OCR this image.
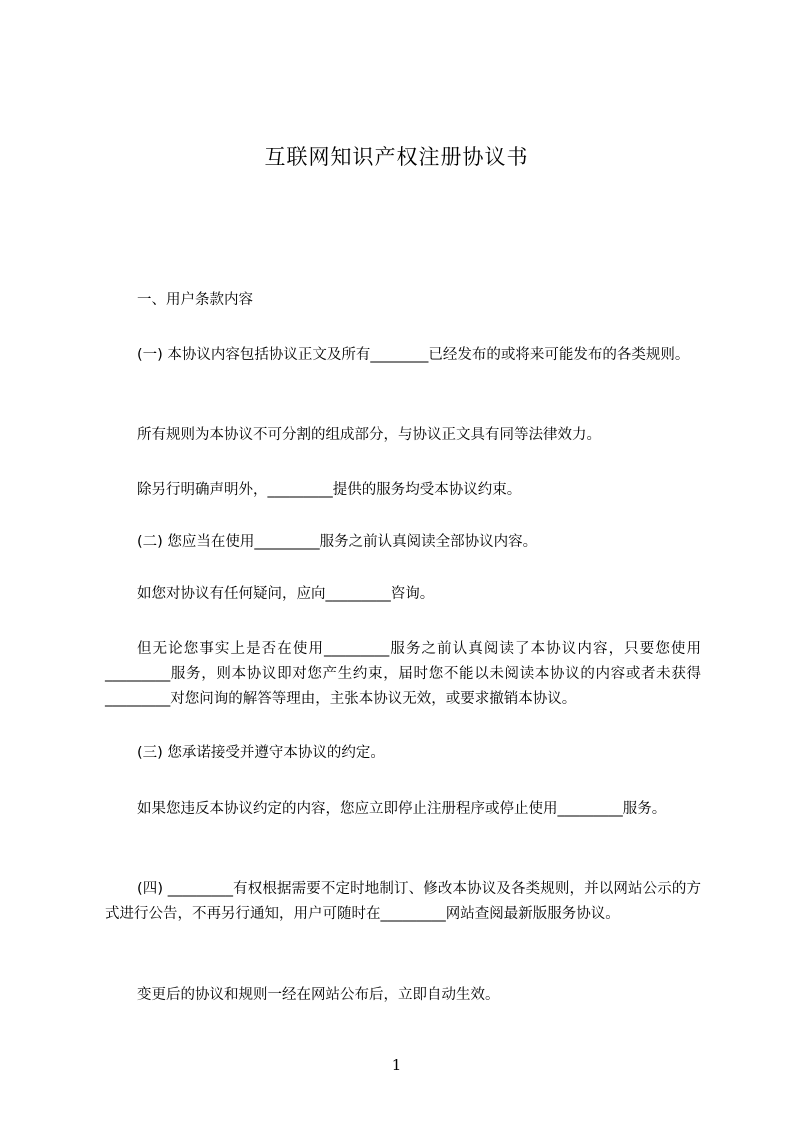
互联网知识产权注册协议书
一、用户条款内容
(一) 本协议内容包括协议正文及所有________已经发布的或将来可能发布的各类规则。
所有规则为本协议不可分割的组成部分，与协议正文具有同等法律效力。
除另行明确声明外，_________提供的服务均受本协议约束。
(二) 您应当在使用_________服务之前认真阅读全部协议内容。
如您对协议有任何疑问，应向_________咨询。
但无论您事实上是否在使用_________服务之前认真阅读了本协议内容，只要您使用_________服务，则本协议即对您产生约束，届时您不能以未阅读本协议的内容或者未获得_________对您问询的解答等理由，主张本协议无效，或要求撤销本协议。
(三) 您承诺接受并遵守本协议的约定。
如果您违反本协议约定的内容，您应立即停止注册程序或停止使用_________服务。
(四) _________有权根据需要不定时地制订、修改本协议及各类规则，并以网站公示的方式进行公告，不再另行通知，用户可随时在_________网站查阅最新版服务协议。
变更后的协议和规则一经在网站公布后，立即自动生效。
1
